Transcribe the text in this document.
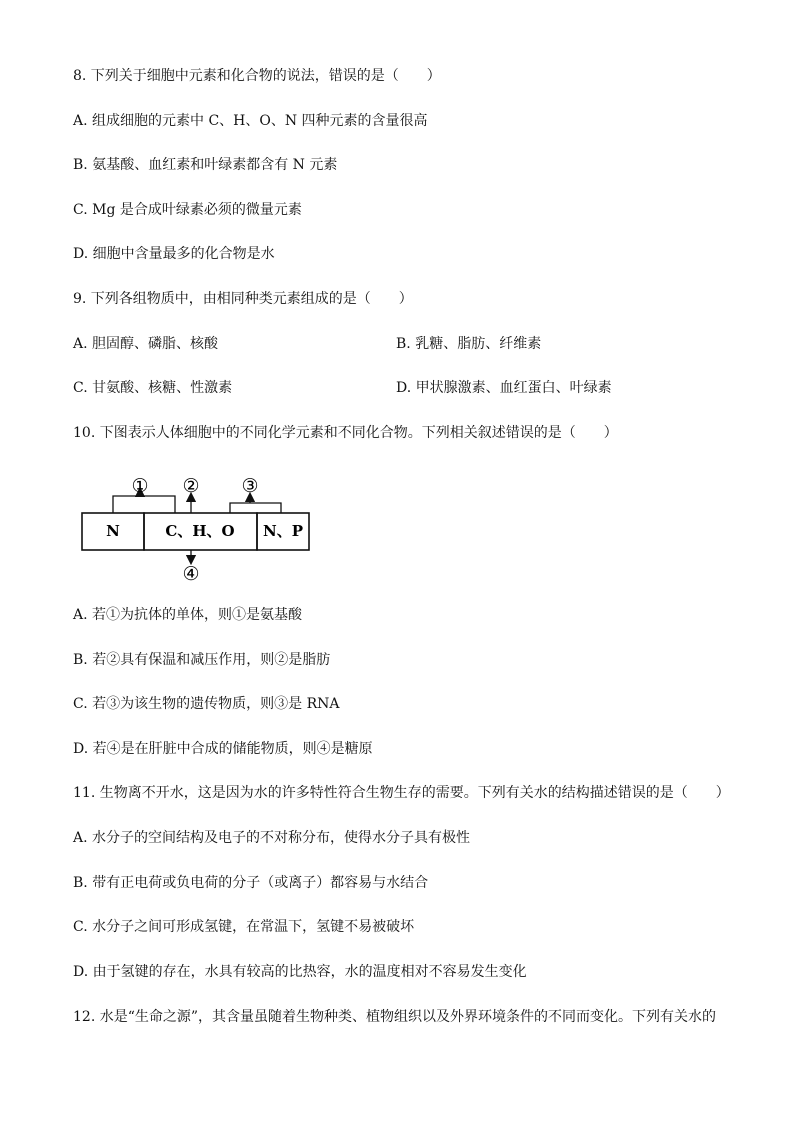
8. 下列关于细胞中元素和化合物的说法，错误的是（　　）
A. 组成细胞的元素中 C、H、O、N 四种元素的含量很高
B. 氨基酸、血红素和叶绿素都含有 N 元素
C. Mg 是合成叶绿素必须的微量元素
D. 细胞中含量最多的化合物是水
9. 下列各组物质中，由相同种类元素组成的是（　　）
A. 胆固醇、磷脂、核酸	B. 乳糖、脂肪、纤维素
C. 甘氨酸、核糖、性激素	D. 甲状腺激素、血红蛋白、叶绿素
10. 下图表示人体细胞中的不同化学元素和不同化合物。下列相关叙述错误的是（　　）
N	C、H、O N、P
① ② ③
④
A. 若①为抗体的单体，则①是氨基酸
B. 若②具有保温和减压作用，则②是脂肪
C. 若③为该生物的遗传物质，则③是 RNA
D. 若④是在肝脏中合成的储能物质，则④是糖原
11. 生物离不开水，这是因为水的许多特性符合生物生存的需要。下列有关水的结构描述错误的是（　　）
A. 水分子的空间结构及电子的不对称分布，使得水分子具有极性
B. 带有正电荷或负电荷的分子（或离子）都容易与水结合
C. 水分子之间可形成氢键，在常温下，氢键不易被破坏
D. 由于氢键的存在，水具有较高的比热容，水的温度相对不容易发生变化
12. 水是“生命之源”，其含量虽随着生物种类、植物组织以及外界环境条件的不同而变化。下列有关水的
